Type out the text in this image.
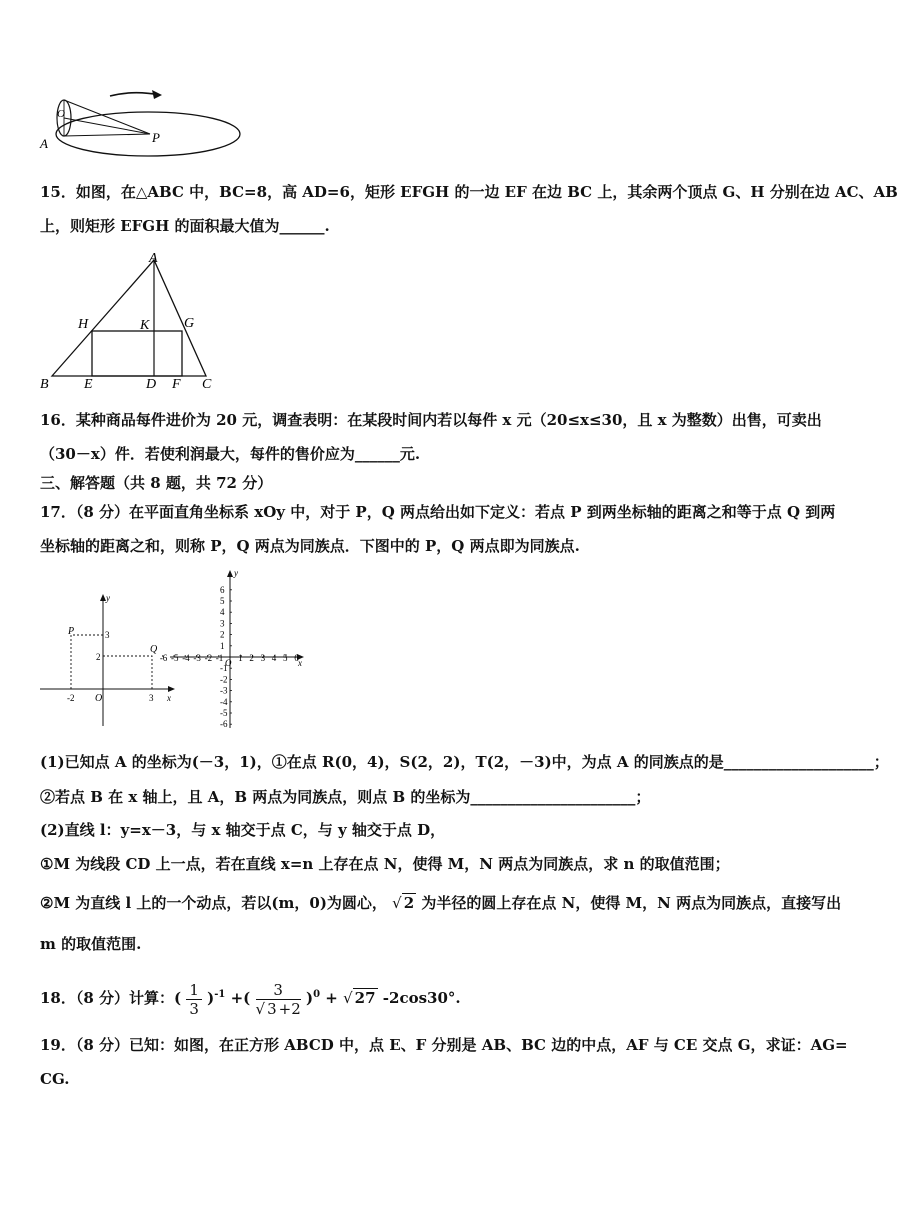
A
O
P
15．如图，在△ABC 中，BC=8，高 AD=6，矩形 EFGH 的一边 EF 在边 BC 上，其余两个顶点 G、H 分别在边 AC、AB
上，则矩形 EFGH 的面积最大值为______.
H	K G
A
B	E	D F C
16．某种商品每件进价为 20 元，调查表明：在某段时间内若以每件 x 元（20≤x≤30，且 x 为整数）出售，可卖出
（30－x）件．若使利润最大，每件的售价应为______元.
三、解答题（共 8 题，共 72 分）
17．（8 分）在平面直角坐标系 xOy 中，对于 P，Q 两点给出如下定义：若点 P 到两坐标轴的距离之和等于点 Q 到两
坐标轴的距离之和，则称 P，Q 两点为同族点．下图中的 P，Q 两点即为同族点.
P
Q
3
2
-2 O	3 x
y
-6 -5 -4 -3 -2 -1 1 2 3 4 5 6
6
5
4
3
2
1
-1
-2
-3
-4
-5
-6
O	x
y
(1)已知点 A 的坐标为(－3，1)，①在点 R(0，4)，S(2，2)，T(2，－3)中，为点 A 的同族点的是____________________；
②若点 B 在 x 轴上，且 A，B 两点为同族点，则点 B 的坐标为______________________；
(2)直线 l：y=x－3，与 x 轴交于点 C，与 y 轴交于点 D，
①M 为线段 CD 上一点，若在直线 x=n 上存在点 N，使得 M，N 两点为同族点，求 n 的取值范围；
②M 为直线 l 上的一个动点，若以(m，0)为圆心， √ 2 为半径的圆上存在点 N，使得 M，N 两点为同族点，直接写出
m 的取值范围.
18．（8 分）计算：( $\frac{1}{3} )^{-1}$ +( $\frac{3}{√ 3 +2} )^0$ + √ 27 -2cos30°.
19．（8 分）已知：如图，在正方形 ABCD 中，点 E、F 分别是 AB、BC 边的中点，AF 与 CE 交点 G，求证：AG=
CG.
